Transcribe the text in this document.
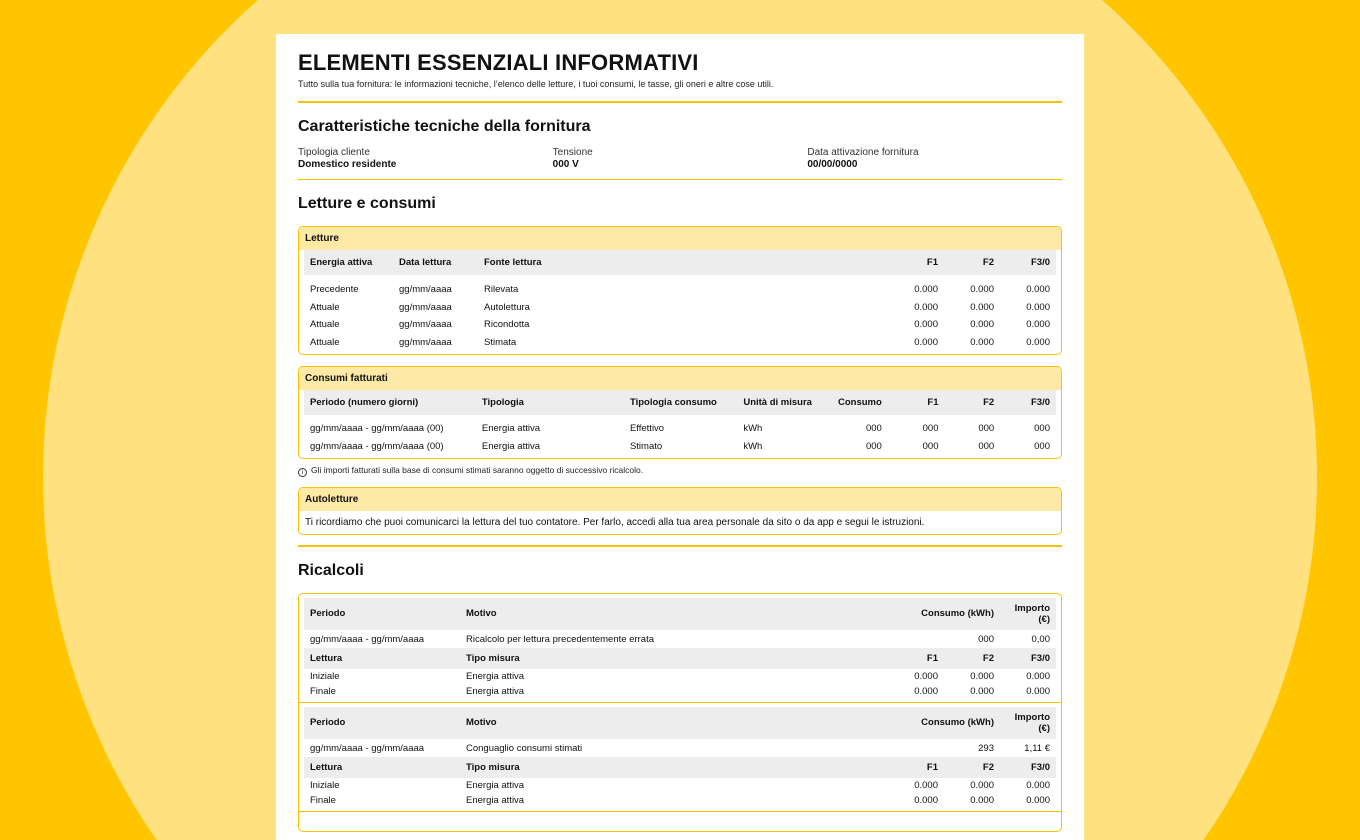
ELEMENTI ESSENZIALI INFORMATIVI
Tutto sulla tua fornitura: le informazioni tecniche, l’elenco delle letture, i tuoi consumi, le tasse, gli oneri e altre cose utili.
Caratteristiche tecniche della fornitura
Tipologia cliente
Domestico residente
Tensione
000 V
Data attivazione fornitura
00/00/0000
Letture e consumi
Letture
Energia attiva	Data lettura	Fonte lettura	F1	F2	F3/0

Precedente	gg/mm/aaaa	Rilevata	0.000	0.000	0.000
Attuale	gg/mm/aaaa	Autolettura	0.000	0.000	0.000
Attuale	gg/mm/aaaa	Ricondotta	0.000	0.000	0.000
Attuale	gg/mm/aaaa	Stimata	0.000	0.000	0.000
Consumi fatturati
Periodo (numero giorni)	Tipologia	Tipologia consumo	Unità di misura	Consumo	F1	F2	F3/0

gg/mm/aaaa - gg/mm/aaaa (00)	Energia attiva	Effettivo	kWh	000	000	000	000
gg/mm/aaaa - gg/mm/aaaa (00)	Energia attiva	Stimato	kWh	000	000	000	000
i Gli importi fatturati sulla base di consumi stimati saranno oggetto di successivo ricalcolo.
Autoletture
Ti ricordiamo che puoi comunicarci la lettura del tuo contatore. Per farlo, accedi alla tua area personale da sito o da app e segui le istruzioni.
Ricalcoli
Periodo	Motivo	Consumo (kWh)		Importo (€)
gg/mm/aaaa - gg/mm/aaaa	Ricalcolo per lettura precedentemente errata	000		0,00
Lettura	Tipo misura	F1	F2	F3/0
Iniziale	Energia attiva	0.000	0.000	0.000
Finale	Energia attiva	0.000	0.000	0.000
Periodo	Motivo	Consumo (kWh)		Importo (€)
gg/mm/aaaa - gg/mm/aaaa	Conguaglio consumi stimati	293		1,11 €
Lettura	Tipo misura	F1	F2	F3/0
Iniziale	Energia attiva	0.000	0.000	0.000
Finale	Energia attiva	0.000	0.000	0.000
